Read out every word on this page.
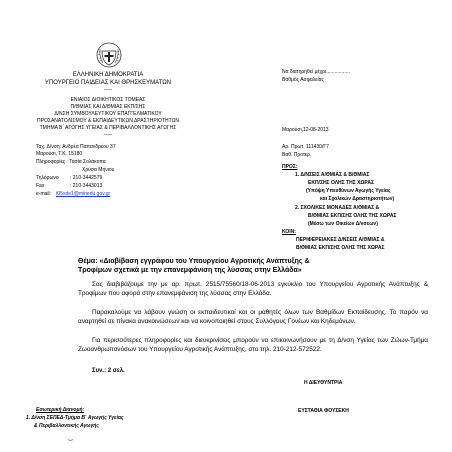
ΕΛΛΗΝΙΚΗ ΔΗΜΟΚΡΑΤΙΑ
ΥΠΟΥΡΓΕΙΟ ΠΑΙΔΕΙΑΣ ΚΑΙ ΘΡΗΣΚΕΥΜΑΤΩΝ
-----
ΕΝΙΑΙΟΣ ΔΙΟΙΚΗΤΙΚΟΣ ΤΟΜΕΑΣ
Π/ΘΜΙΑΣ ΚΑΙ Δ/ΘΜΙΑΣ ΕΚΠ/ΣΗΣ
Δ/ΝΣΗ ΣΥΜΒΟΥΛΕΥΤΙΚΟΥ ΕΠΑΓΓΕΛΜΑΤΙΚΟΥ
ΠΡΟΣΑΝΑΤΟΛΙΣΜΟΥ & ΕΚΠΑΙΔΕΥΤΙΚΩΝ ΔΡΑΣΤΗΡΙΟΤΗΤΩΝ
ΤΜΗΜΑ Β΄ ΑΓΩΓΗΣ ΥΓΕΙΑΣ & ΠΕΡΙΒΑΛΛΟΝΤΙΚΗΣ ΑΓΩΓΗΣ
-----
Ταχ. Δ/νση: Ανδρέα Παπανδρέου 37
Μαρούσι, Τ.Κ. 15180
Πληροφορίες : Τασία Σολάκοπα
Χρύσα Μήνιου
Τηλέφωνο : 210-3442579
Fax	: 210-3443013
e-mail: t05sde1@minedu.gov.gr
Να διατηρηθεί μέχρι.................
Βαθμός Ασφαλείας
Μαρούσι,12-08-2013
Αρ. Πρωτ. 111430/Γ7
Βαθ. Προτερ.
ΠΡΟΣ:
1. Δ/ΝΣΕΙΣ Α/ΘΜΙΑΣ & Β/ΘΜΙΑΣ
ΕΚΠ/ΣΗΣ ΟΛΗΣ ΤΗΣ ΧΩΡΑΣ
(Υπόψη Υπευθύνων Αγωγής Υγείας
και Σχολικών Δραστηριοτήτων)
2. ΣΧΟΛΙΚΕΣ ΜΟΝΑΔΕΣ Α/ΘΜΙΑΣ &
Β/ΘΜΙΑΣ ΕΚΠ/ΣΗΣ ΟΛΗΣ ΤΗΣ ΧΩΡΑΣ
(Μέσω των Οικείων Δ/νσεων)
ΚΟΙΝ:
ΠΕΡΙΦΕΡΕΙΑΚΕΣ Δ/ΝΣΕΙΣ Α/ΘΜΙΑΣ &
Β/ΘΜΙΑΣ ΕΚΠ/ΣΗΣ ΟΛΗΣ ΤΗΣ ΧΩΡΑΣ
Θέμα: «Διαβίβαση εγγράφου του Υπουργείου Αγροτικής Ανάπτυξης &
Τροφίμων σχετικά με την επανεμφάνιση της λύσσας στην Ελλάδα»
Σας διαβιβάζουμε την με αρ. πρωτ. 2515/75560/18-06-2013 εγκύκλιο του Υπουργείου Αγροτικής Ανάπτυξης & Τροφίμων που αφορά στην επανεμφάνιση της λύσσας στην Ελλάδα.
Παρακαλούμε να λάβουν γνώση οι εκπαιδευτικοί και οι μαθητές όλων των Βαθμίδων Εκπαίδευσης. Το παρόν να αναρτηθεί σε πίνακα ανακοινώσεων και να κοινοποιηθεί στους Συλλόγους Γονέων και Κηδεμόνων.
Για περισσότερες πληροφορίες και διευκρινίσεις μπορούν να επικοινωνήσουν με τη Δ/νση Υγείας των Ζώων-Τμήμα Ζωοανθρωπονόσων του Υπουργείου Αγροτικής Ανάπτυξης, στο τηλ. 210-212-572522.
Συν.: 2 σελ.
Η ΔΙΕΥΘΥΝΤΡΙΑ
ΕΥΣΤΑΘΙΑ ΦΟΥΣΕΚΗ
Εσωτερική Διανομή:
1. Δ/νση ΣΕΠΕΔ-Τμήμα Β΄ Αγωγής Υγείας
& Περιβαλλοντικής Αγωγής
‿
